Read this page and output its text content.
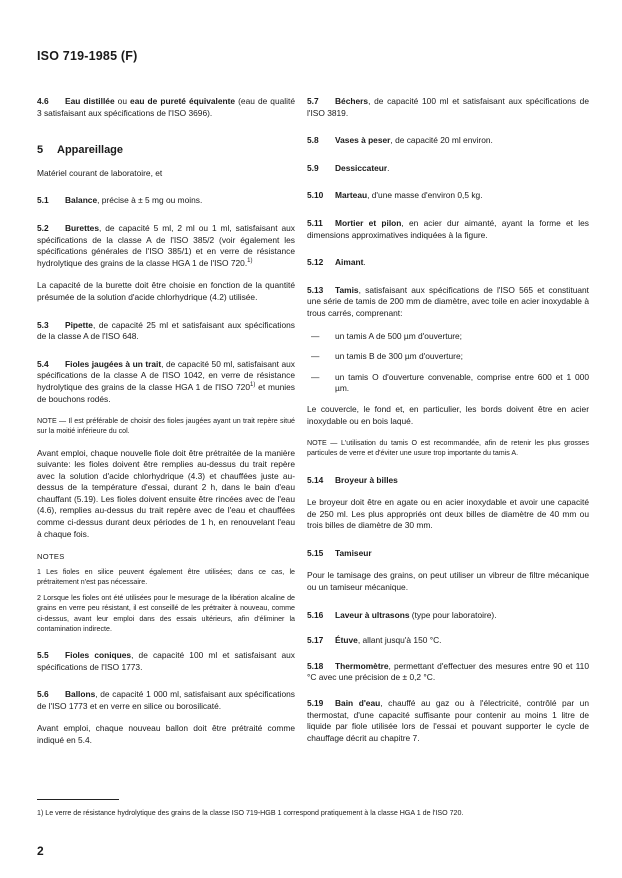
ISO 719-1985 (F)

4.6 Eau distillée ou eau de pureté équivalente (eau de qualité 3 satisfaisant aux spécifications de l'ISO 3696).

5 Appareillage

Matériel courant de laboratoire, et

5.1 Balance, précise à ± 5 mg ou moins.

5.2 Burettes, de capacité 5 ml, 2 ml ou 1 ml, satisfaisant aux spécifications de la classe A de l'ISO 385/2 (voir également les spécifications générales de l'ISO 385/1) et en verre de résistance hydrolytique des grains de la classe HGA 1 de l'ISO 720.$^{1)}$

La capacité de la burette doit être choisie en fonction de la quantité présumée de la solution d'acide chlorhydrique (4.2) utilisée.

5.3 Pipette, de capacité 25 ml et satisfaisant aux spécifications de la classe A de l'ISO 648.

5.4 Fioles jaugées à un trait, de capacité 50 ml, satisfaisant aux spécifications de la classe A de l'ISO 1042, en verre de résistance hydrolytique des grains de la classe HGA 1 de l'ISO 720$^{1)}$ et munies de bouchons rodés.

NOTE — Il est préférable de choisir des fioles jaugées ayant un trait repère situé sur la moitié inférieure du col.

Avant emploi, chaque nouvelle fiole doit être prétraitée de la manière suivante: les fioles doivent être remplies au-dessus du trait repère avec la solution d'acide chlorhydrique (4.3) et chauffées juste au-dessus de la température d'essai, durant 2 h, dans le bain d'eau chauffant (5.19). Les fioles doivent ensuite être rincées avec de l'eau (4.6), remplies au-dessus du trait repère avec de l'eau et chauffées comme ci-dessus durant deux périodes de 1 h, en renouvelant l'eau à chaque fois.

NOTES

1 Les fioles en silice peuvent également être utilisées; dans ce cas, le prétraitement n'est pas nécessaire.

2 Lorsque les fioles ont été utilisées pour le mesurage de la libération alcaline de grains en verre peu résistant, il est conseillé de les prétraiter à nouveau, comme ci-dessus, avant leur emploi dans des essais ultérieurs, afin d'éliminer la contamination indirecte.

5.5 Fioles coniques, de capacité 100 ml et satisfaisant aux spécifications de l'ISO 1773.

5.6 Ballons, de capacité 1 000 ml, satisfaisant aux spécifications de l'ISO 1773 et en verre en silice ou borosilicaté.

Avant emploi, chaque nouveau ballon doit être prétraité comme indiqué en 5.4.

5.7 Béchers, de capacité 100 ml et satisfaisant aux spécifications de l'ISO 3819.

5.8 Vases à peser, de capacité 20 ml environ.

5.9 Dessiccateur.

5.10 Marteau, d'une masse d'environ 0,5 kg.

5.11 Mortier et pilon, en acier dur aimanté, ayant la forme et les dimensions approximatives indiquées à la figure.

5.12 Aimant.

5.13 Tamis, satisfaisant aux spécifications de l'ISO 565 et constituant une série de tamis de 200 mm de diamètre, avec toile en acier inoxydable à trous carrés, comprenant:

— un tamis A de 500 µm d'ouverture;
— un tamis B de 300 µm d'ouverture;
— un tamis O d'ouverture convenable, comprise entre 600 et 1 000 µm.

Le couvercle, le fond et, en particulier, les bords doivent être en acier inoxydable ou en bois laqué.

NOTE — L'utilisation du tamis O est recommandée, afin de retenir les plus grosses particules de verre et d'éviter une usure trop importante du tamis A.

5.14 Broyeur à billes

Le broyeur doit être en agate ou en acier inoxydable et avoir une capacité de 250 ml. Les plus appropriés ont deux billes de diamètre de 40 mm ou trois billes de diamètre de 30 mm.

5.15 Tamiseur

Pour le tamisage des grains, on peut utiliser un vibreur de filtre mécanique ou un tamiseur mécanique.

5.16 Laveur à ultrasons (type pour laboratoire).

5.17 Étuve, allant jusqu'à 150 °C.

5.18 Thermomètre, permettant d'effectuer des mesures entre 90 et 110 °C avec une précision de ± 0,2 °C.

5.19 Bain d'eau, chauffé au gaz ou à l'électricité, contrôlé par un thermostat, d'une capacité suffisante pour contenir au moins 1 litre de liquide par fiole utilisée lors de l'essai et pouvant supporter le cycle de chauffage décrit au chapitre 7.

1) Le verre de résistance hydrolytique des grains de la classe ISO 719-HGB 1 correspond pratiquement à la classe HGA 1 de l'ISO 720.
2
